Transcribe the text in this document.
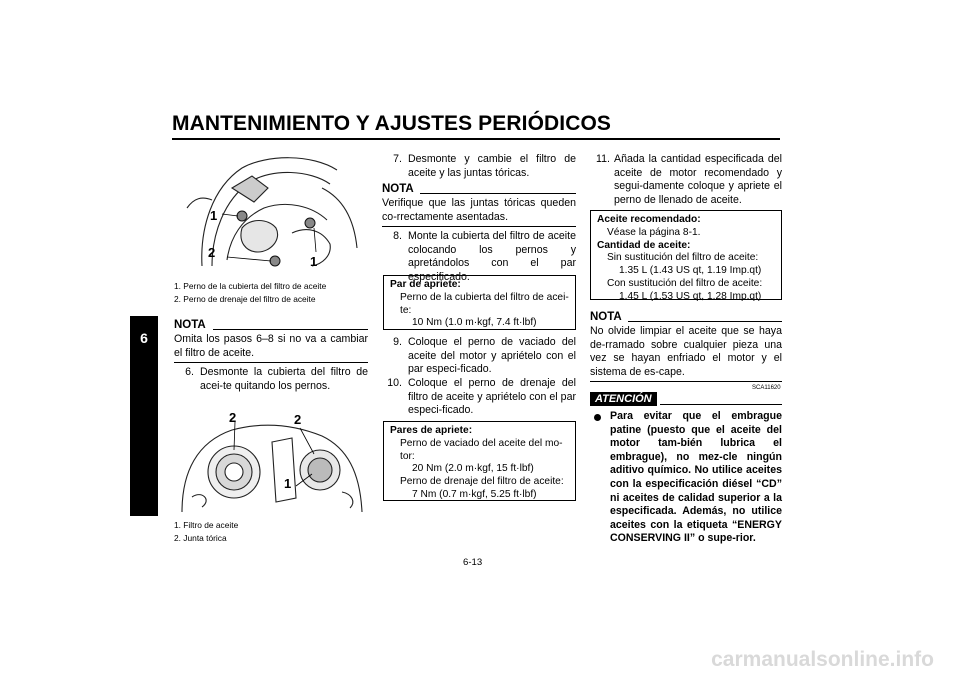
MANTENIMIENTO Y AJUSTES PERIÓDICOS
6
1
2
1
1. Perno de la cubierta del filtro de aceite
2. Perno de drenaje del filtro de aceite
NOTA
Omita los pasos 6–8 si no va a cambiar el filtro de aceite.
6. Desmonte la cubierta del filtro de acei-te quitando los pernos.
2	2
1
1. Filtro de aceite
2. Junta tórica
7. Desmonte y cambie el filtro de aceite y las juntas tóricas.
NOTA
Verifique que las juntas tóricas queden co-rrectamente asentadas.
8. Monte la cubierta del filtro de aceite colocando los pernos y apretándolos con el par especificado.
Par de apriete:
Perno de la cubierta del filtro de acei-
te:
10 Nm (1.0 m·kgf, 7.4 ft·lbf)
9. Coloque el perno de vaciado del aceite del motor y apriételo con el par especi-ficado.
10. Coloque el perno de drenaje del filtro de aceite y apriételo con el par especi-ficado.
Pares de apriete:
Perno de vaciado del aceite del mo-
tor:
20 Nm (2.0 m·kgf, 15 ft·lbf)
Perno de drenaje del filtro de aceite:
7 Nm (0.7 m·kgf, 5.25 ft·lbf)
11. Añada la cantidad especificada del aceite de motor recomendado y segui-damente coloque y apriete el perno de llenado de aceite.
Aceite recomendado:
Véase la página 8-1.
Cantidad de aceite:
Sin sustitución del filtro de aceite:
1.35 L (1.43 US qt, 1.19 Imp.qt)
Con sustitución del filtro de aceite:
1.45 L (1.53 US qt, 1.28 Imp.qt)
NOTA
No olvide limpiar el aceite que se haya de-rramado sobre cualquier pieza una vez se hayan enfriado el motor y el sistema de es-cape.
SCA11620
ATENCIÓN
Para evitar que el embrague patine (puesto que el aceite del motor tam-bién lubrica el embrague), no mez-cle ningún aditivo químico. No utilice aceites con la especificación diésel “CD” ni aceites de calidad superior a la especificada. Además, no utilice aceites con la etiqueta “ENERGY CONSERVING II” o supe-rior.
6-13
carmanualsonline.info
